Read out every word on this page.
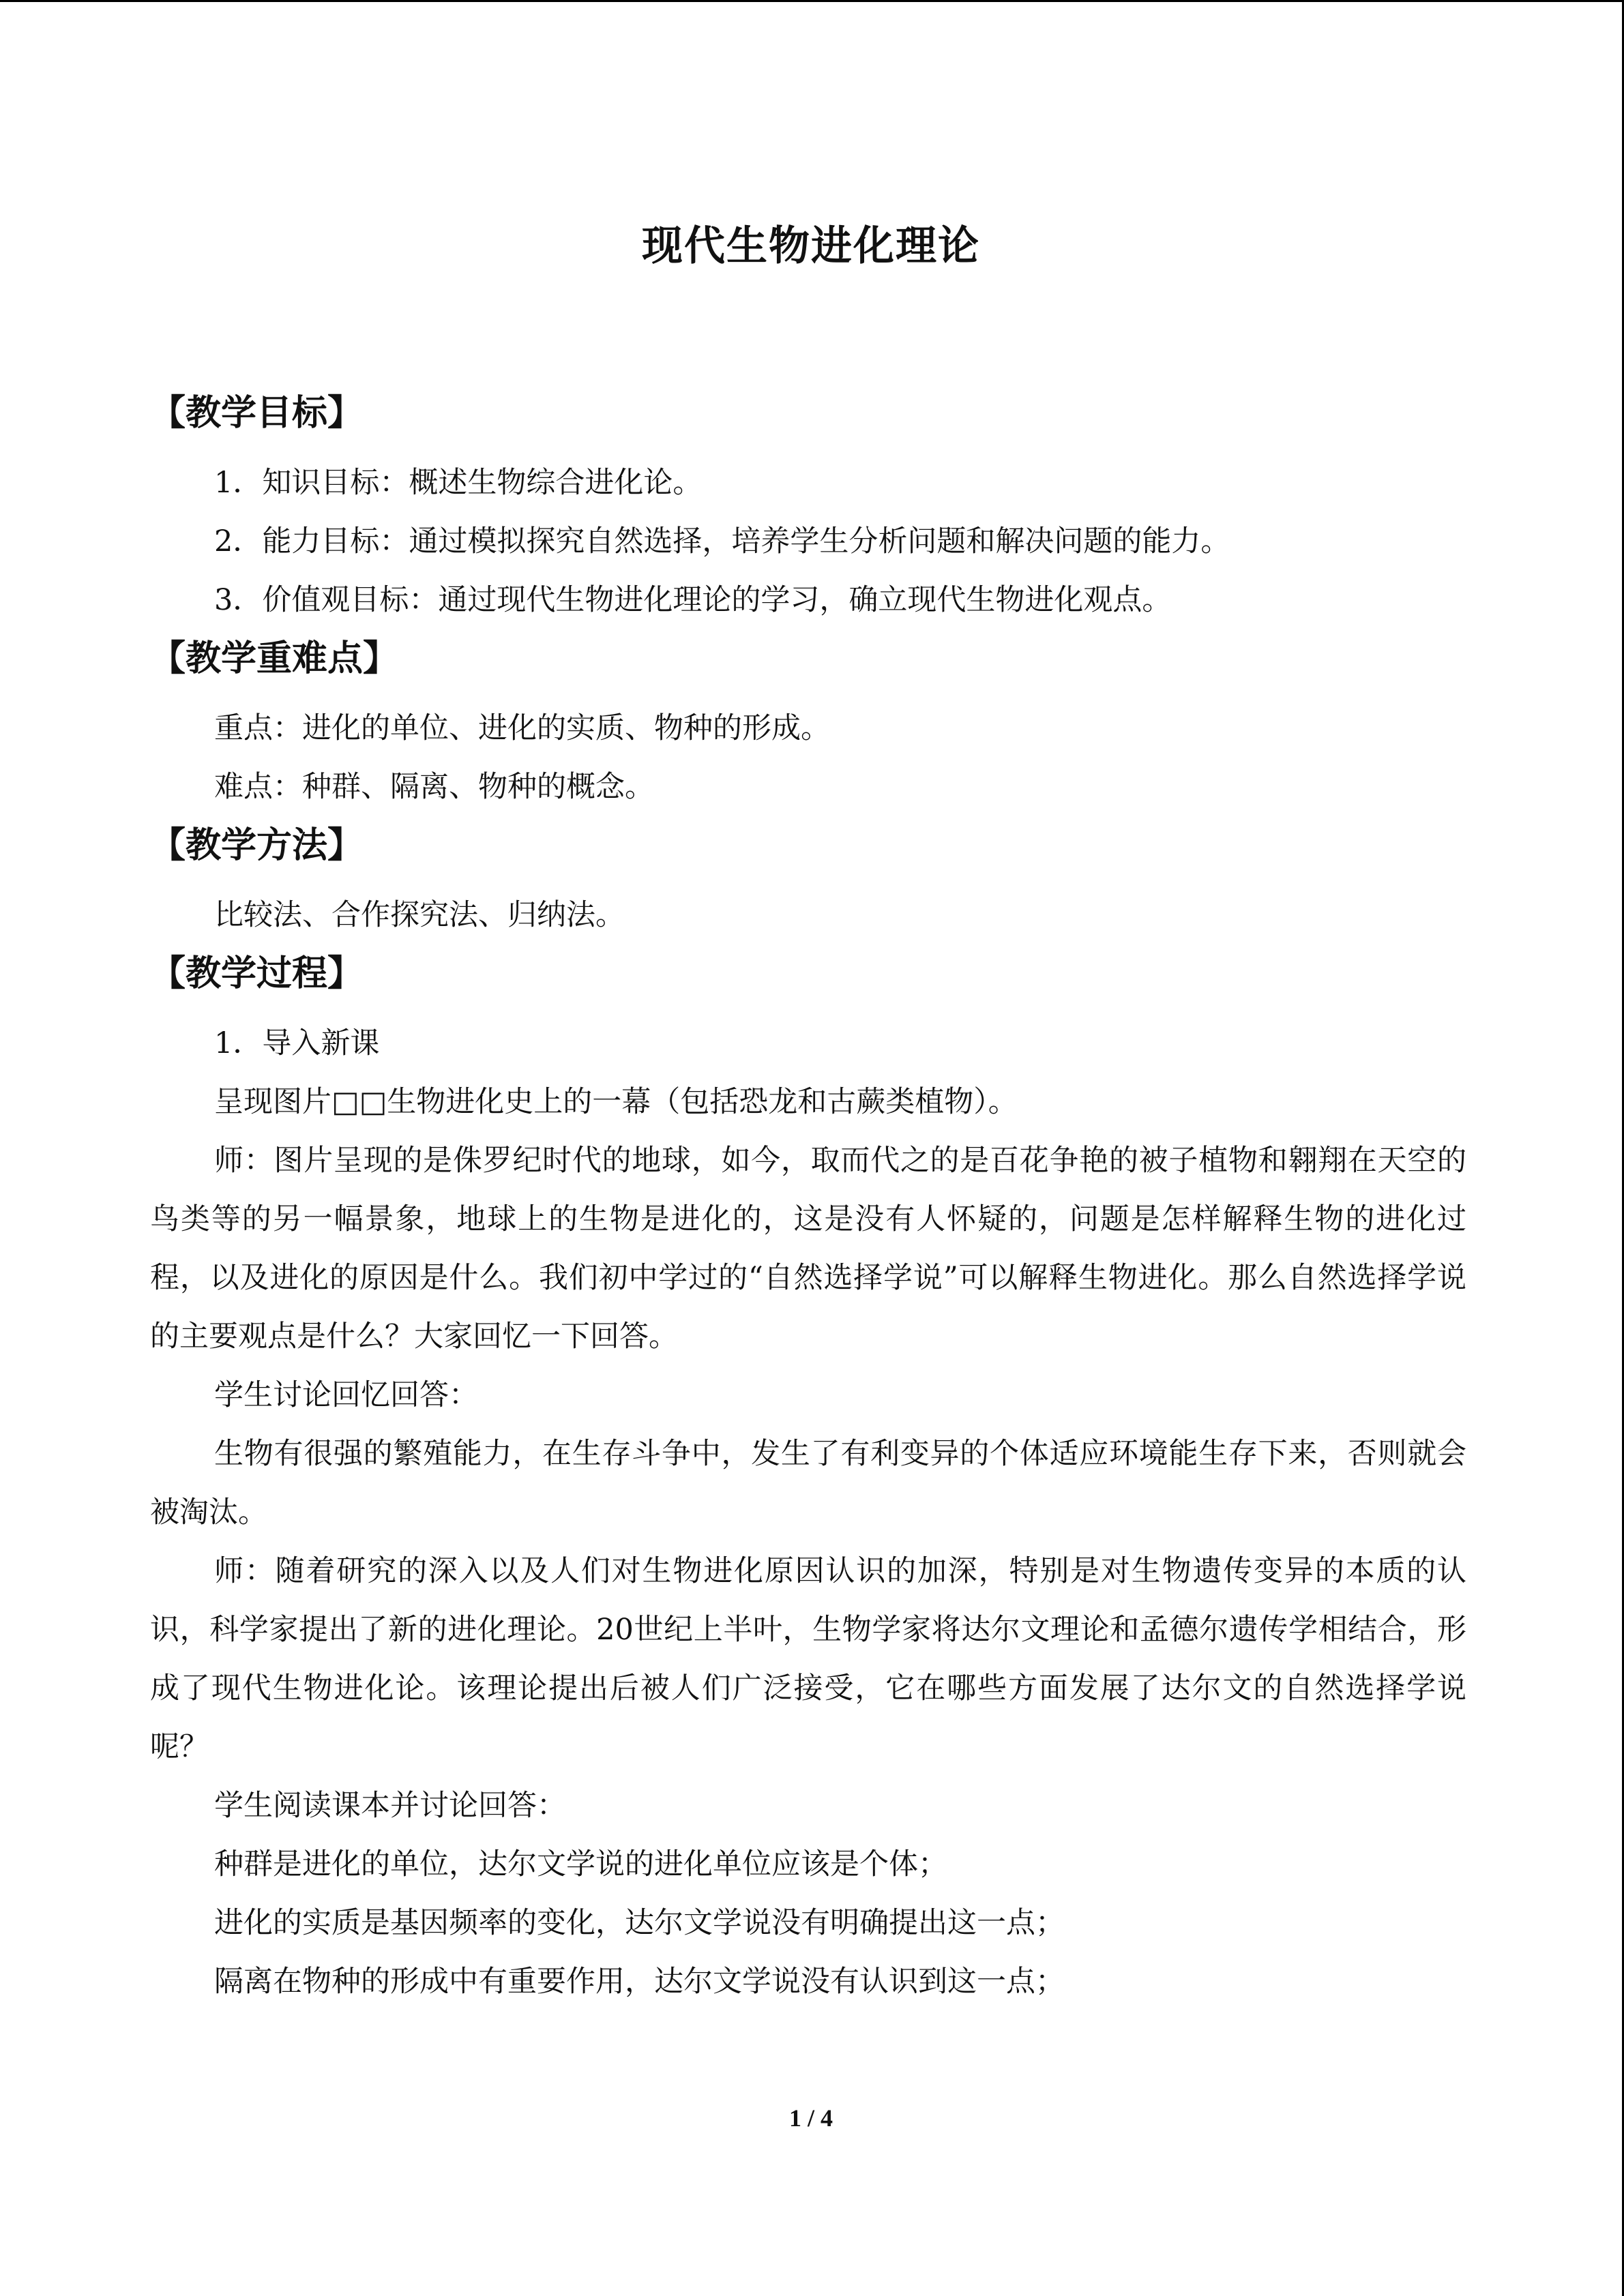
现代生物进化理论
【教学目标】

1．知识目标：概述生物综合进化论。

2．能力目标：通过模拟探究自然选择，培养学生分析问题和解决问题的能力。

3．价值观目标：通过现代生物进化理论的学习，确立现代生物进化观点。

【教学重难点】

重点：进化的单位、进化的实质、物种的形成。

难点：种群、隔离、物种的概念。

【教学方法】

比较法、合作探究法、归纳法。

【教学过程】

1．导入新课

呈现图片□□生物进化史上的一幕（包括恐龙和古蕨类植物）。

师：图片呈现的是侏罗纪时代的地球，如今，取而代之的是百花争艳的被子植物和翱翔在天空的鸟类等的另一幅景象，地球上的生物是进化的，这是没有人怀疑的，问题是怎样解释生物的进化过程，以及进化的原因是什么。我们初中学过的“自然选择学说”可以解释生物进化。那么自然选择学说的主要观点是什么？大家回忆一下回答。

学生讨论回忆回答：

生物有很强的繁殖能力，在生存斗争中，发生了有利变异的个体适应环境能生存下来，否则就会被淘汰。

师：随着研究的深入以及人们对生物进化原因认识的加深，特别是对生物遗传变异的本质的认识，科学家提出了新的进化理论。20世纪上半叶，生物学家将达尔文理论和孟德尔遗传学相结合，形成了现代生物进化论。该理论提出后被人们广泛接受，它在哪些方面发展了达尔文的自然选择学说呢？

学生阅读课本并讨论回答：

种群是进化的单位，达尔文学说的进化单位应该是个体；

进化的实质是基因频率的变化，达尔文学说没有明确提出这一点；

隔离在物种的形成中有重要作用，达尔文学说没有认识到这一点；

1 / 4
